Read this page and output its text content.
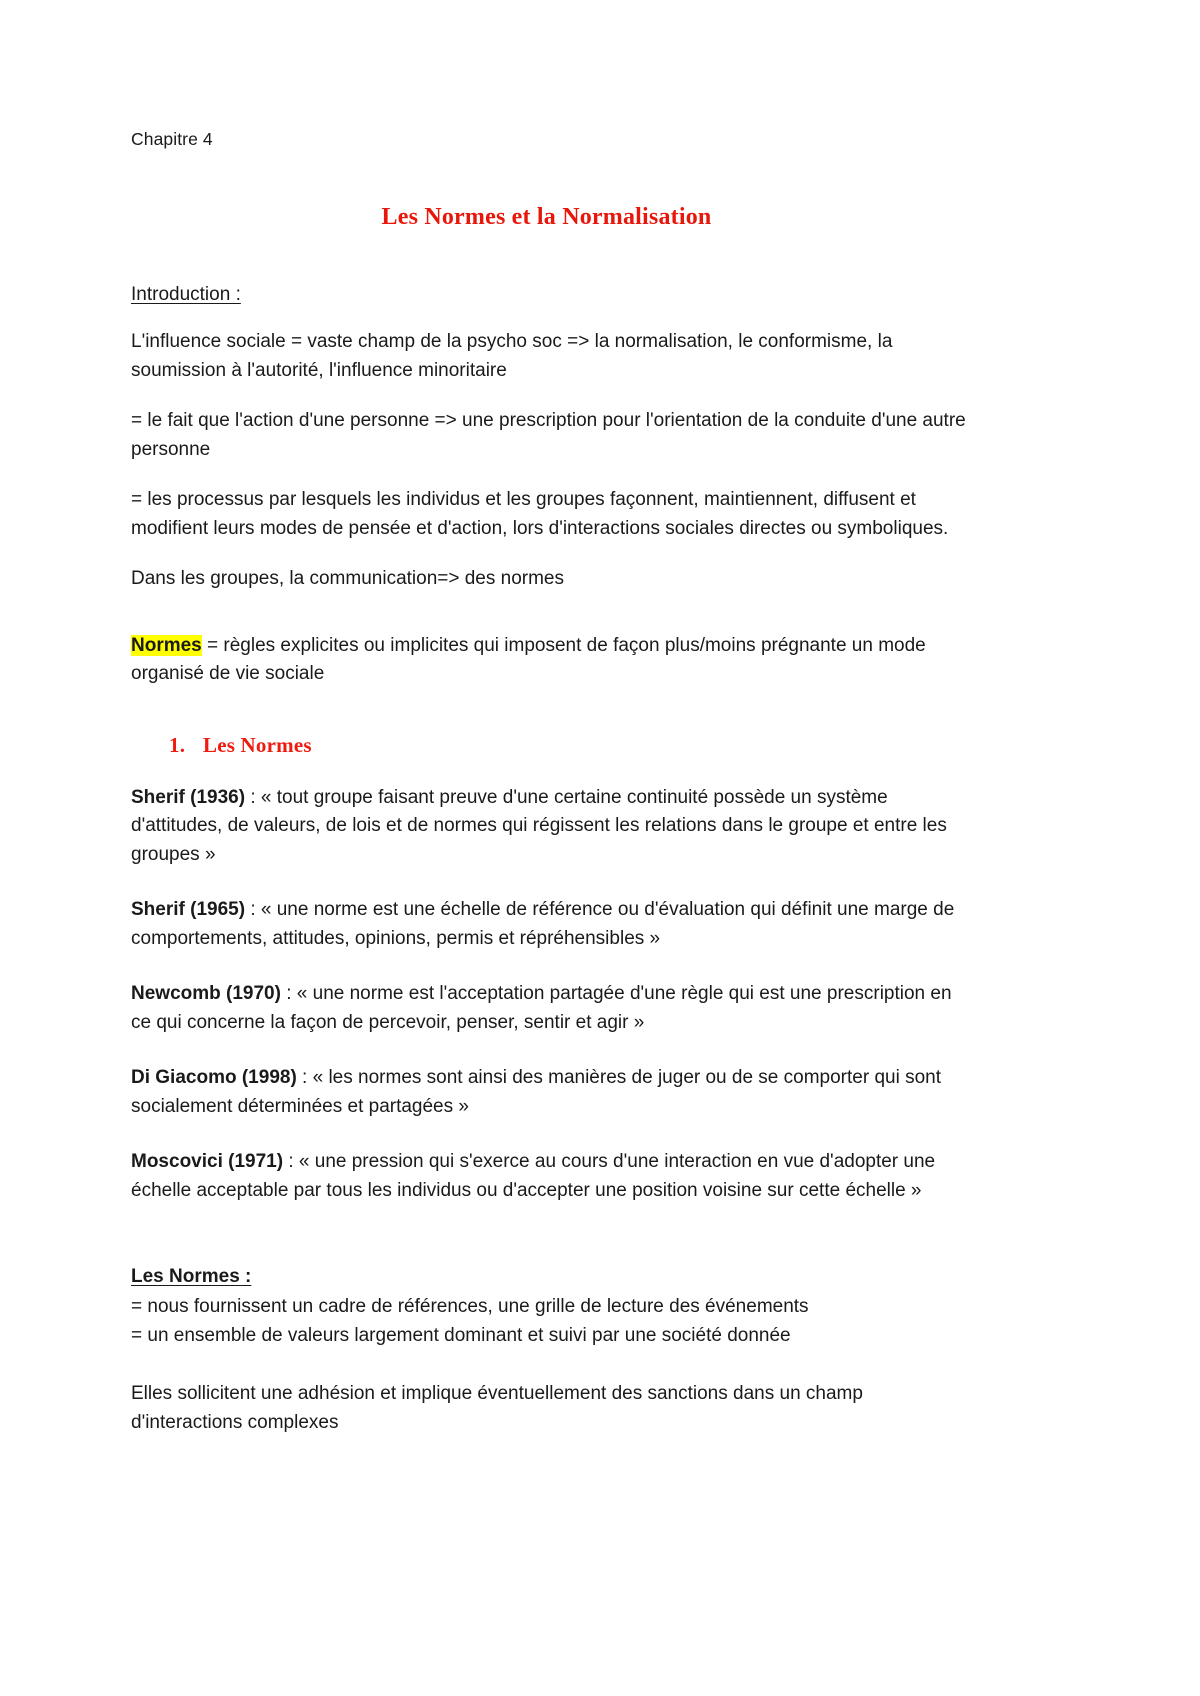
Chapitre 4
Les Normes et la Normalisation
Introduction :

L'influence sociale = vaste champ de la psycho soc => la normalisation, le conformisme, la soumission à l'autorité, l'influence minoritaire

= le fait que l'action d'une personne => une prescription pour l'orientation de la conduite d'une autre personne

= les processus par lesquels les individus et les groupes façonnent, maintiennent, diffusent et modifient leurs modes de pensée et d'action, lors d'interactions sociales directes ou symboliques.

Dans les groupes, la communication=> des normes

Normes = règles explicites ou implicites qui imposent de façon plus/moins prégnante un mode organisé de vie sociale

1. Les Normes

Sherif (1936) : « tout groupe faisant preuve d'une certaine continuité possède un système d'attitudes, de valeurs, de lois et de normes qui régissent les relations dans le groupe et entre les groupes »

Sherif (1965) : « une norme est une échelle de référence ou d'évaluation qui définit une marge de comportements, attitudes, opinions, permis et répréhensibles »

Newcomb (1970) : « une norme est l'acceptation partagée d'une règle qui est une prescription en ce qui concerne la façon de percevoir, penser, sentir et agir »

Di Giacomo (1998) : « les normes sont ainsi des manières de juger ou de se comporter qui sont socialement déterminées et partagées »

Moscovici (1971) : « une pression qui s'exerce au cours d'une interaction en vue d'adopter une échelle acceptable par tous les individus ou d'accepter une position voisine sur cette échelle »

Les Normes :
= nous fournissent un cadre de références, une grille de lecture des événements
= un ensemble de valeurs largement dominant et suivi par une société donnée

Elles sollicitent une adhésion et implique éventuellement des sanctions dans un champ d'interactions complexes
